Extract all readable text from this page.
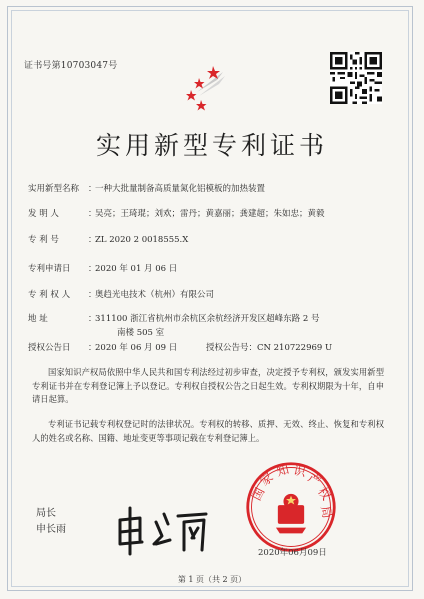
证书号第10703047号
实用新型专利证书
实用新型名称 ：一种大批量制备高质量氮化铝模板的加热装置
发 明 人	：吴亮；王琦琨；刘欢；雷丹；黄嘉丽；龚建超；朱如忠；黄毅
专 利 号	：ZL 2020 2 0018555.X
专利申请日 ：2020 年 01 月 06 日
专 利 权 人 ：奥趋光电技术（杭州）有限公司
地 址	：311100 浙江省杭州市余杭区余杭经济开发区超峰东路 2 号
南楼 505 室
授权公告日 ：2020 年 06 月 09 日	授权公告号：CN 210722969 U
国家知识产权局依照中华人民共和国专利法经过初步审查，决定授予专利权，颁发实用新型专利证书并在专利登记簿上予以登记。专利权自授权公告之日起生效。专利权期限为十年，自申请日起算。
专利证书记载专利权登记时的法律状况。专利权的转移、质押、无效、终止、恢复和专利权人的姓名或名称、国籍、地址变更等事项记载在专利登记簿上。
局长
申长雨
国
家 知 识
产
权
局
2020年06月09日
第 1 页（共 2 页）
